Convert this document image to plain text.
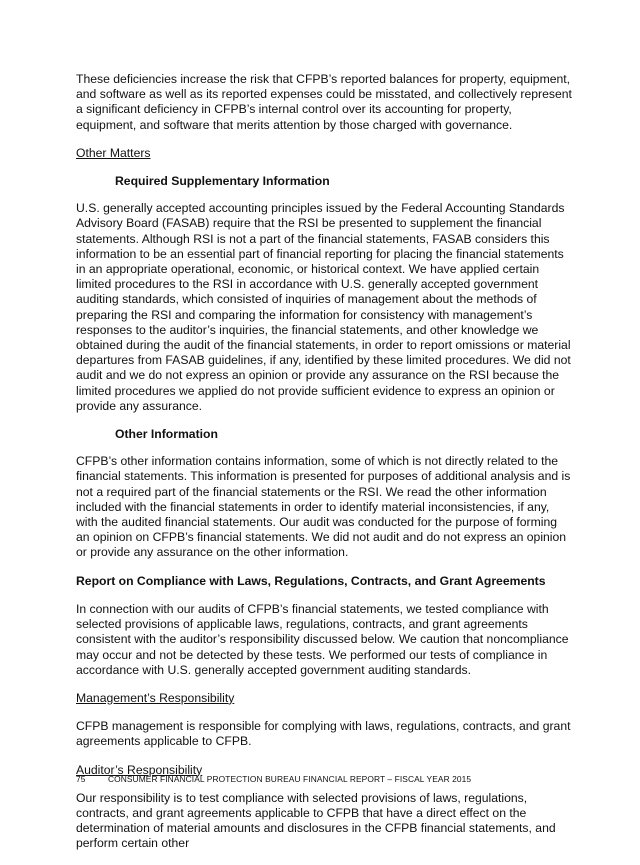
These deficiencies increase the risk that CFPB’s reported balances for property, equipment, and software as well as its reported expenses could be misstated, and collectively represent a significant deficiency in CFPB’s internal control over its accounting for property, equipment, and software that merits attention by those charged with governance.

Other Matters

Required Supplementary Information

U.S. generally accepted accounting principles issued by the Federal Accounting Standards Advisory Board (FASAB) require that the RSI be presented to supplement the financial statements. Although RSI is not a part of the financial statements, FASAB considers this information to be an essential part of financial reporting for placing the financial statements in an appropriate operational, economic, or historical context. We have applied certain limited procedures to the RSI in accordance with U.S. generally accepted government auditing standards, which consisted of inquiries of management about the methods of preparing the RSI and comparing the information for consistency with management’s responses to the auditor’s inquiries, the financial statements, and other knowledge we obtained during the audit of the financial statements, in order to report omissions or material departures from FASAB guidelines, if any, identified by these limited procedures. We did not audit and we do not express an opinion or provide any assurance on the RSI because the limited procedures we applied do not provide sufficient evidence to express an opinion or provide any assurance.

Other Information

CFPB’s other information contains information, some of which is not directly related to the financial statements. This information is presented for purposes of additional analysis and is not a required part of the financial statements or the RSI. We read the other information included with the financial statements in order to identify material inconsistencies, if any, with the audited financial statements. Our audit was conducted for the purpose of forming an opinion on CFPB’s financial statements. We did not audit and do not express an opinion or provide any assurance on the other information.

Report on Compliance with Laws, Regulations, Contracts, and Grant Agreements

In connection with our audits of CFPB’s financial statements, we tested compliance with selected provisions of applicable laws, regulations, contracts, and grant agreements consistent with the auditor’s responsibility discussed below. We caution that noncompliance may occur and not be detected by these tests. We performed our tests of compliance in accordance with U.S. generally accepted government auditing standards.

Management’s Responsibility

CFPB management is responsible for complying with laws, regulations, contracts, and grant agreements applicable to CFPB.

Auditor’s Responsibility

Our responsibility is to test compliance with selected provisions of laws, regulations, contracts, and grant agreements applicable to CFPB that have a direct effect on the determination of material amounts and disclosures in the CFPB financial statements, and perform certain other

75	CONSUMER FINANCIAL PROTECTION BUREAU FINANCIAL REPORT – FISCAL YEAR 2015
